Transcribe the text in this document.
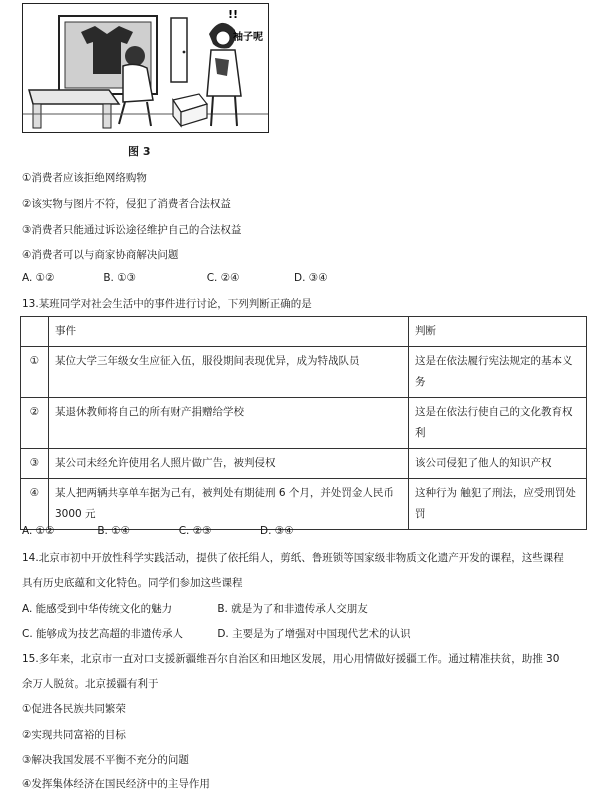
!!
袖子呢
图 3
①消费者应该拒绝网络购物
②该实物与图片不符，侵犯了消费者合法权益
③消费者只能通过诉讼途径维护自己的合法权益
④消费者可以与商家协商解决问题
A. ①②	B. ①③	C. ②④	D. ③④
13.某班同学对社会生活中的事件进行讨论，下列判断正确的是
	事件	判断
①	某位大学三年级女生应征入伍，服役期间表现优异，成为特战队员	这是在依法履行宪法规定的基本义务
②	某退休教师将自己的所有财产捐赠给学校	这是在依法行使自己的文化教育权利
③	某公司未经允许使用名人照片做广告，被判侵权	该公司侵犯了他人的知识产权
④	某人把两辆共享单车据为己有，被判处有期徒刑 6 个月，并处罚金人民币 3000 元	这种行为 触犯了刑法，应受刑罚处罚
A. ①②	B. ①④	C. ②③	D. ③④
14.北京市初中开放性科学实践活动，提供了依托绢人，剪纸、鲁班锁等国家级非物质文化遗产开发的课程，这些课程
具有历史底蕴和文化特色。同学们参加这些课程
A. 能感受到中华传统文化的魅力	B. 就是为了和非遗传承人交朋友
C. 能够成为技艺高超的非遗传承人	D. 主要是为了增强对中国现代艺术的认识
15.多年来，北京市一直对口支援新疆维吾尔自治区和田地区发展，用心用情做好援疆工作。通过精准扶贫，助推 30
余万人脱贫。北京援疆有利于
①促进各民族共同繁荣
②实现共同富裕的目标
③解决我国发展不平衡不充分的问题
④发挥集体经济在国民经济中的主导作用
